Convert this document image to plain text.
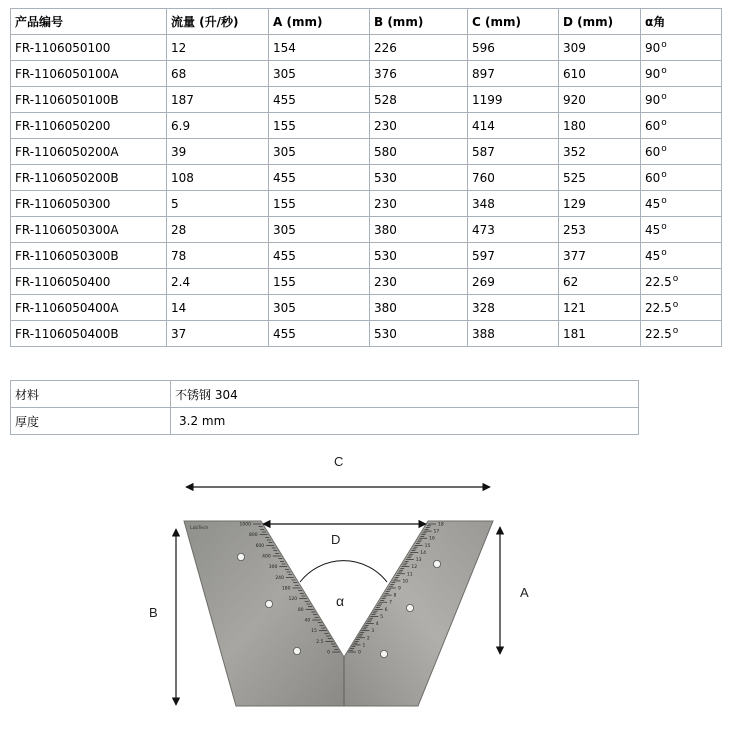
产品编号	流量 (升/秒)	A (mm)	B (mm)	C (mm)	D (mm)	α角
FR-1106050100	12	154	226	596	309	90$^o$
FR-1106050100A	68	305	376	897	610	90$^o$
FR-1106050100B	187	455	528	1199	920	90$^o$
FR-1106050200	6.9	155	230	414	180	60$^o$
FR-1106050200A	39	305	580	587	352	60$^o$
FR-1106050200B	108	455	530	760	525	60$^o$
FR-1106050300	5	155	230	348	129	45$^o$
FR-1106050300A	28	305	380	473	253	45$^o$
FR-1106050300B	78	455	530	597	377	45$^o$
FR-1106050400	2.4	155	230	269	62	22.5$^o$
FR-1106050400A	14	305	380	328	121	22.5$^o$
FR-1106050400B	37	455	530	388	181	22.5$^o$
材料	不锈钢 304
厚度	3.2 mm
1000
800
600
400
300
240
180
120
80
40
15
2.5
0
18
17
16
15
14
13
12
11
10
9
8
7
6
5
4
3
2
1
0
LabTech
C
D
A
B
α
